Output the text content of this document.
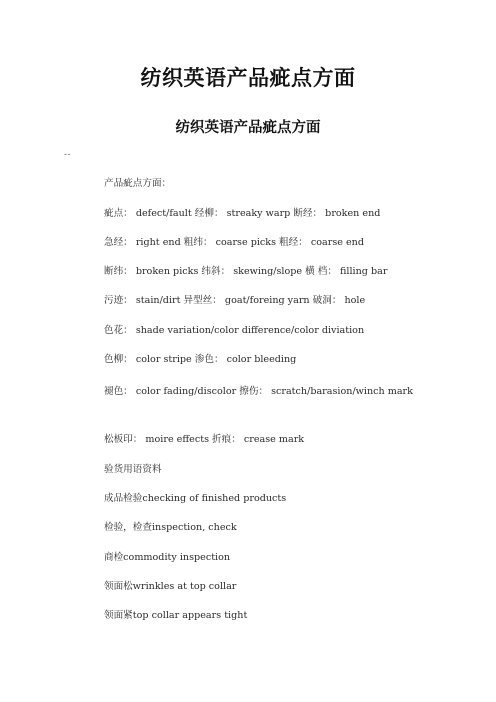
纺织英语产品疵点方面
纺织英语产品疵点方面
--
产品疵点方面：
疵点： defect/fault 经柳： streaky warp 断经： broken end
急经： right end 粗纬： coarse picks 粗经： coarse end
断纬： broken picks 纬斜： skewing/slope 横 档： filling bar
污迹： stain/dirt 异型丝： goat/foreing yarn 破洞： hole
色花： shade variation/color difference/color diviation
色柳： color stripe 渗色： color bleeding
褪色： color fading/discolor 擦伤： scratch/barasion/winch mark
松板印： moire effects 折痕： crease mark
验货用语资料
成品检验checking of finished products
检验，检查inspection, check
商检commodity inspection
领面松wrinkles at top collar
领面紧top collar appears tight
